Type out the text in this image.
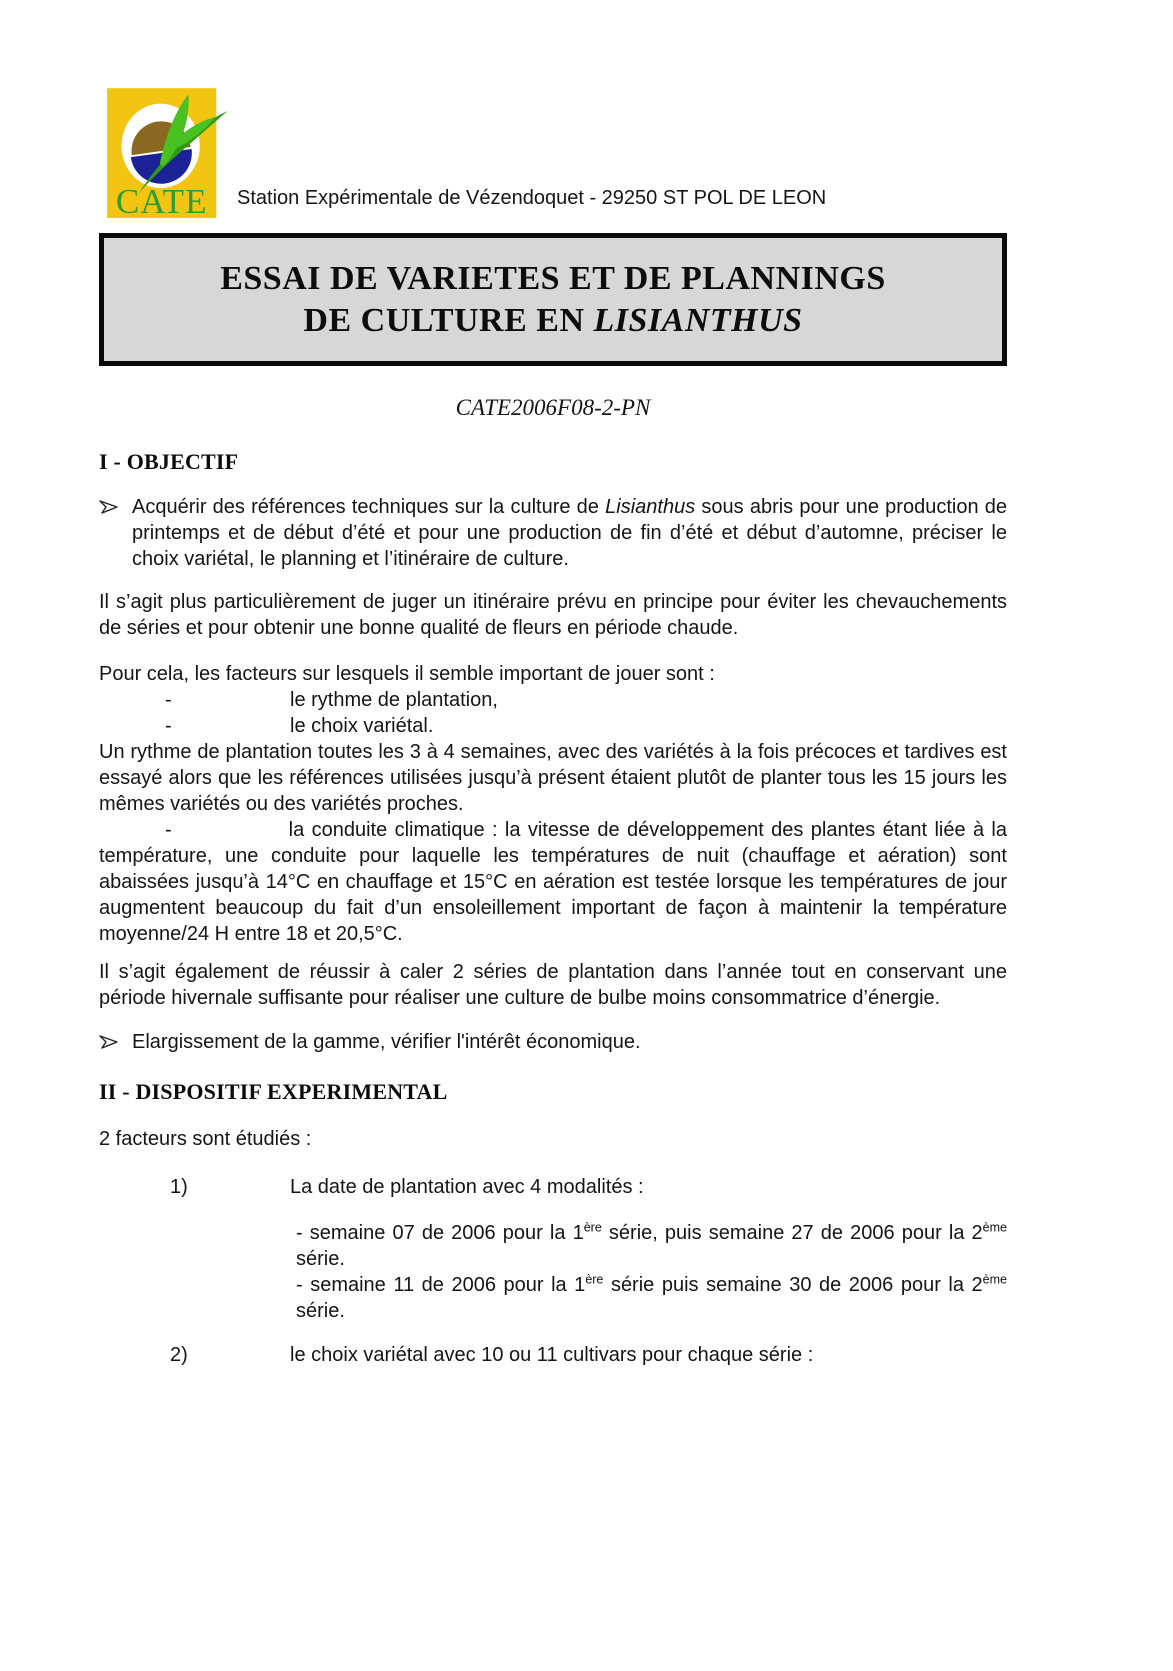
CATE Station Expérimentale de Vézendoquet - 29250 ST POL DE LEON
ESSAI DE VARIETES ET DE PLANNINGS
DE CULTURE EN LISIANTHUS
CATE2006F08-2-PN
I - OBJECTIF
Acquérir des références techniques sur la culture de Lisianthus sous abris pour une production de printemps et de début d’été et pour une production de fin d’été et début d’automne, préciser le choix variétal, le planning et l’itinéraire de culture.

Il s’agit plus particulièrement de juger un itinéraire prévu en principe pour éviter les chevauchements de séries et pour obtenir une bonne qualité de fleurs en période chaude.

Pour cela, les facteurs sur lesquels il semble important de jouer sont :

-	le rythme de plantation,
-	le choix variétal.

Un rythme de plantation toutes les 3 à 4 semaines, avec des variétés à la fois précoces et tardives est essayé alors que les références utilisées jusqu’à présent étaient plutôt de planter tous les 15 jours les mêmes variétés ou des variétés proches.

-	la conduite climatique : la vitesse de développement des plantes étant liée à la température, une conduite pour laquelle les températures de nuit (chauffage et aération) sont abaissées jusqu’à 14°C en chauffage et 15°C en aération est testée lorsque les températures de jour augmentent beaucoup du fait d’un ensoleillement important de façon à maintenir la température moyenne/24 H entre 18 et 20,5°C.

Il s’agit également de réussir à caler 2 séries de plantation dans l’année tout en conservant une période hivernale suffisante pour réaliser une culture de bulbe moins consommatrice d’énergie.

Elargissement de la gamme, vérifier l'intérêt économique.
II - DISPOSITIF EXPERIMENTAL

2 facteurs sont étudiés :

1)	La date de plantation avec 4 modalités :

- semaine 07 de 2006 pour la 1ère série, puis semaine 27 de 2006 pour la 2ème série.

- semaine 11 de 2006 pour la 1ère série puis semaine 30 de 2006 pour la 2ème série.

2)	le choix variétal avec 10 ou 11 cultivars pour chaque série :
